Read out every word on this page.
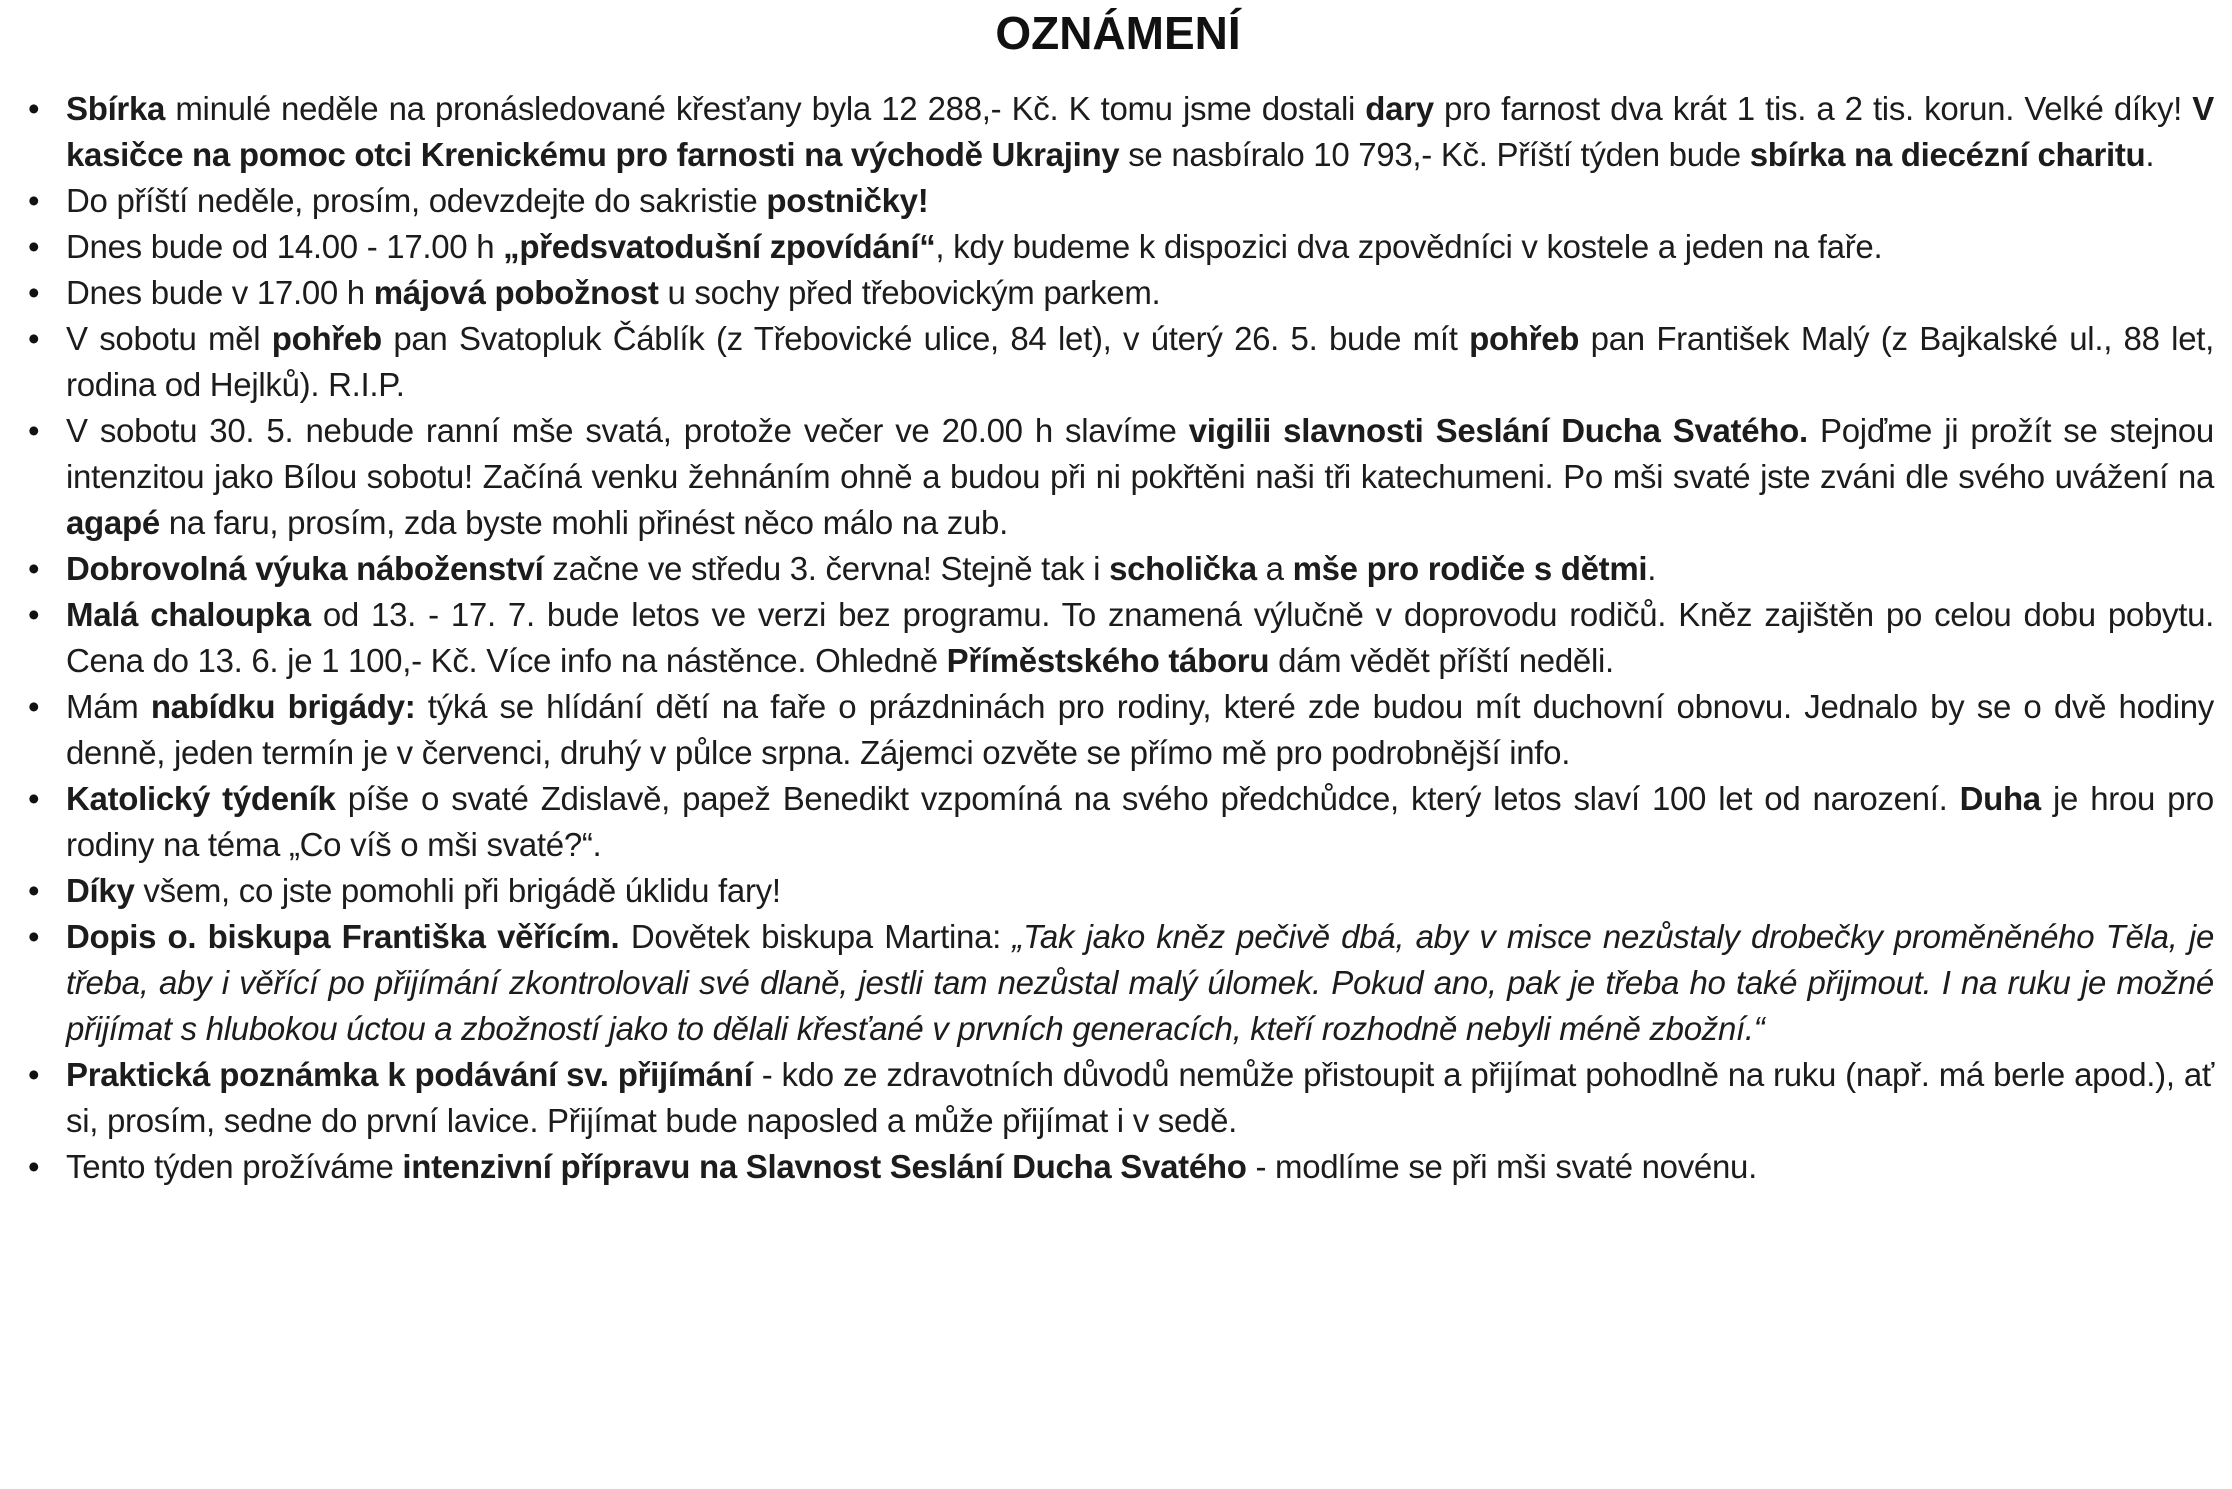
OZNÁMENÍ
• Sbírka minulé neděle na pronásledované křesťany byla 12 288,- Kč. K tomu jsme dostali dary pro farnost dva krát 1 tis. a 2 tis. korun. Velké díky! V kasičce na pomoc otci Krenickému pro farnosti na východě Ukrajiny se nasbíralo 10 793,- Kč. Příští týden bude sbírka na diecézní charitu.
• Do příští neděle, prosím, odevzdejte do sakristie postničky!
• Dnes bude od 14.00 - 17.00 h „předsvatodušní zpovídání“, kdy budeme k dispozici dva zpovědníci v kostele a jeden na faře.
• Dnes bude v 17.00 h májová pobožnost u sochy před třebovickým parkem.
• V sobotu měl pohřeb pan Svatopluk Čáblík (z Třebovické ulice, 84 let), v úterý 26. 5. bude mít pohřeb pan František Malý (z Bajkalské ul., 88 let, rodina od Hejlků). R.I.P.
• V sobotu 30. 5. nebude ranní mše svatá, protože večer ve 20.00 h slavíme vigilii slavnosti Seslání Ducha Svatého. Pojďme ji prožít se stejnou intenzitou jako Bílou sobotu! Začíná venku žehnáním ohně a budou při ni pokřtěni naši tři katechumeni. Po mši svaté jste zváni dle svého uvážení na agapé na faru, prosím, zda byste mohli přinést něco málo na zub.
• Dobrovolná výuka náboženství začne ve středu 3. června! Stejně tak i scholička a mše pro rodiče s dětmi.
• Malá chaloupka od 13. - 17. 7. bude letos ve verzi bez programu. To znamená výlučně v doprovodu rodičů. Kněz zajištěn po celou dobu pobytu. Cena do 13. 6. je 1 100,- Kč. Více info na nástěnce. Ohledně Příměstského táboru dám vědět příští neděli.
• Mám nabídku brigády: týká se hlídání dětí na faře o prázdninách pro rodiny, které zde budou mít duchovní obnovu. Jednalo by se o dvě hodiny denně, jeden termín je v červenci, druhý v půlce srpna. Zájemci ozvěte se přímo mě pro podrobnější info.
• Katolický týdeník píše o svaté Zdislavě, papež Benedikt vzpomíná na svého předchůdce, který letos slaví 100 let od narození. Duha je hrou pro rodiny na téma „Co víš o mši svaté?“.
• Díky všem, co jste pomohli při brigádě úklidu fary!
• Dopis o. biskupa Františka věřícím. Dovětek biskupa Martina: „Tak jako kněz pečivě dbá, aby v misce nezůstaly drobečky proměněného Těla, je třeba, aby i věřící po přijímání zkontrolovali své dlaně, jestli tam nezůstal malý úlomek. Pokud ano, pak je třeba ho také přijmout. I na ruku je možné přijímat s hlubokou úctou a zbožností jako to dělali křesťané v prvních generacích, kteří rozhodně nebyli méně zbožní.“
• Praktická poznámka k podávání sv. přijímání - kdo ze zdravotních důvodů nemůže přistoupit a přijímat pohodlně na ruku (např. má berle apod.), ať si, prosím, sedne do první lavice. Přijímat bude naposled a může přijímat i v sedě.
• Tento týden prožíváme intenzivní přípravu na Slavnost Seslání Ducha Svatého - modlíme se při mši svaté novénu.
